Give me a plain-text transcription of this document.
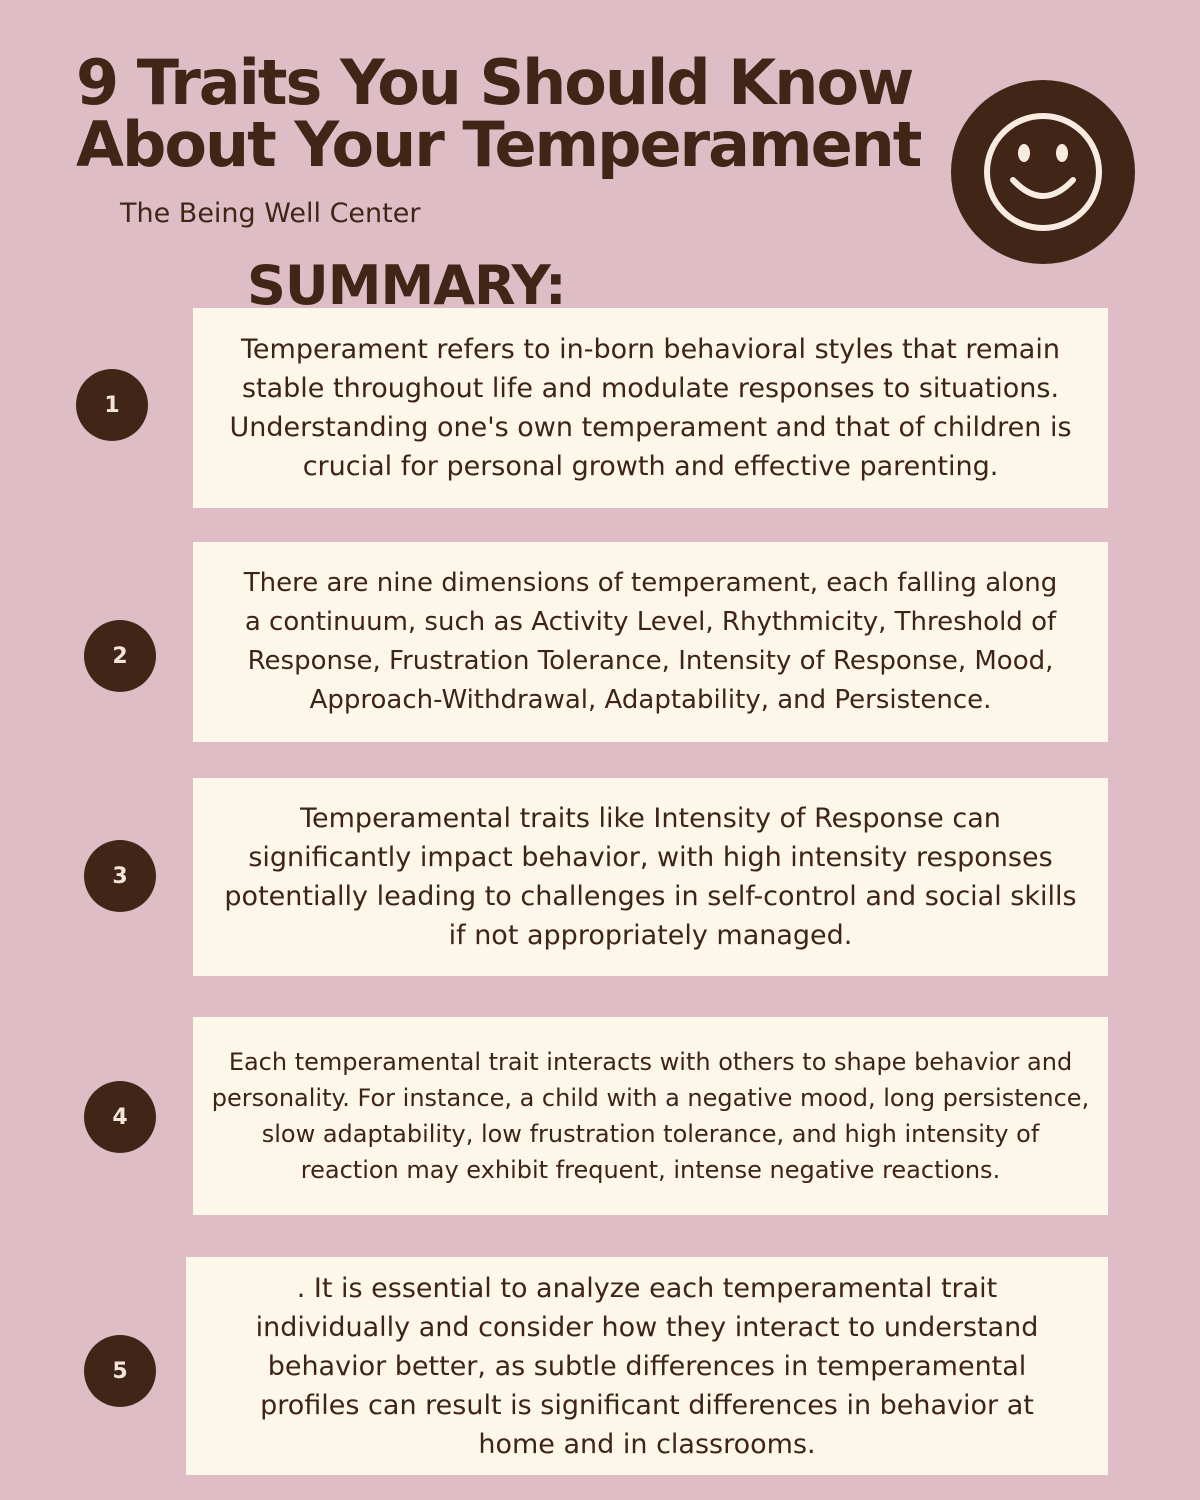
9 Traits You Should Know
About Your Temperament
The Being Well Center
SUMMARY:
1

Temperament refers to in-born behavioral styles that remain stable throughout life and modulate responses to situations. Understanding one's own temperament and that of children is crucial for personal growth and effective parenting.

2

There are nine dimensions of temperament, each falling along a continuum, such as Activity Level, Rhythmicity, Threshold of Response, Frustration Tolerance, Intensity of Response, Mood, Approach-Withdrawal, Adaptability, and Persistence.

3

Temperamental traits like Intensity of Response can significantly impact behavior, with high intensity responses potentially leading to challenges in self-control and social skills if not appropriately managed.

4

Each temperamental trait interacts with others to shape behavior and personality. For instance, a child with a negative mood, long persistence, slow adaptability, low frustration tolerance, and high intensity of reaction may exhibit frequent, intense negative reactions.

5

. It is essential to analyze each temperamental trait individually and consider how they interact to understand behavior better, as subtle differences in temperamental profiles can result is significant differences in behavior at home and in classrooms.
